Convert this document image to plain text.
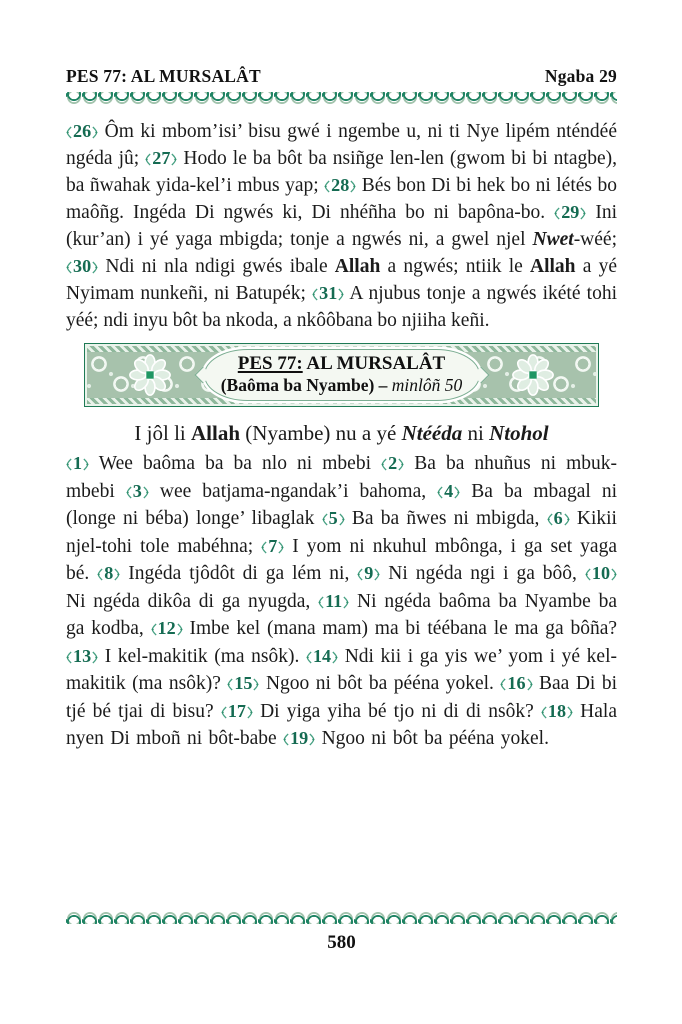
PES 77: AL MURSALÂT	Ngaba 29

26 Ôm ki mbom’isi’ bisu gwé i ngembe u, ni ti Nye lipém nténdéé ngéda jû; 27 Hodo le ba bôt ba nsiñge len-len (gwom bi bi ntagbe), ba ñwahak yida-kel’i mbus yap; 28 Bés bon Di bi hek bo ni létés bo maôñg. Ingéda Di ngwés ki, Di nhéñha bo ni bapôna-bo. 29 Ini (kur’an) i yé yaga mbigda; tonje a ngwés ni, a gwel njel Nwet-wéé; 30 Ndi ni nla ndigi gwés ibale Allah a ngwés; ntiik le Allah a yé Nyimam nunkeñi, ni Batupék; 31 A njubus tonje a ngwés ikété tohi yéé; ndi inyu bôt ba nkoda, a nkôôbana bo njiiha keñi.

PES 77: AL MURSALÂT
(Baôma ba Nyambe) – minlôñ 50

I jôl li Allah (Nyambe) nu a yé Ntééda ni Ntohol

1 Wee baôma ba ba nlo ni mbebi 2 Ba ba nhuñus ni mbuk-mbebi 3 wee batjama-ngandak’i bahoma, 4 Ba ba mbagal ni (longe ni béba) longe’ libaglak 5 Ba ba ñwes ni mbigda, 6 Kikii njel-tohi tole mabéhna; 7 I yom ni nkuhul mbônga, i ga set yaga bé. 8 Ingéda tjôdôt di ga lém ni, 9 Ni ngéda ngi i ga bôô, 10 Ni ngéda dikôa di ga nyugda, 11 Ni ngéda baôma ba Nyambe ba ga kodba, 12 Imbe kel (mana mam) ma bi téébana le ma ga bôña? 13 I kel-makitik (ma nsôk). 14 Ndi kii i ga yis we’ yom i yé kel-makitik (ma nsôk)? 15 Ngoo ni bôt ba pééna yokel. 16 Baa Di bi tjé bé tjai di bisu? 17 Di yiga yiha bé tjo ni di di nsôk? 18 Hala nyen Di mboñ ni bôt-babe 19 Ngoo ni bôt ba pééna yokel.

580
